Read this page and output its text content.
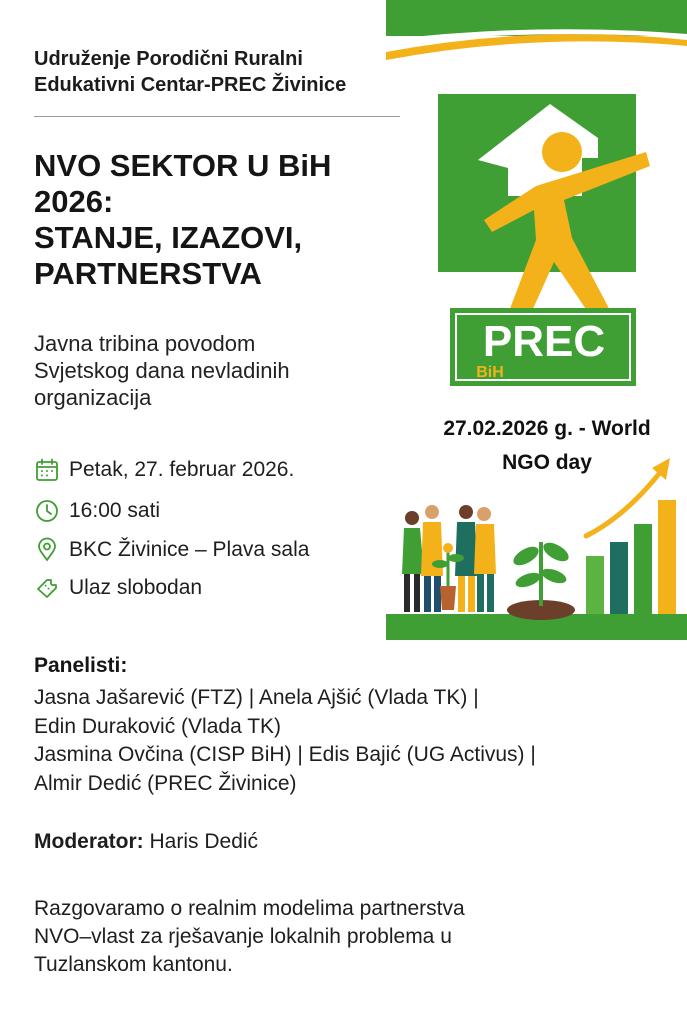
Udruženje Porodični Ruralni
Edukativni Centar-PREC Živinice
NVO SEKTOR U BiH
2026:
STANJE, IZAZOVI,
PARTNERSTVA
Javna tribina povodom
Svjetskog dana nevladinih
organizacija
Petak, 27. februar 2026.
16:00 sati
BKC Živinice – Plava sala
Ulaz slobodan
PREC
BiH
27.02.2026 g. - World
NGO day
Panelisti:
Jasna Jašarević (FTZ) | Anela Ajšić (Vlada TK) |
Edin Duraković (Vlada TK)
Jasmina Ovčina (CISP BiH) | Edis Bajić (UG Activus) |
Almir Dedić (PREC Živinice)
Moderator: Haris Dedić
Razgovaramo o realnim modelima partnerstva
NVO–vlast za rješavanje lokalnih problema u
Tuzlanskom kantonu.
